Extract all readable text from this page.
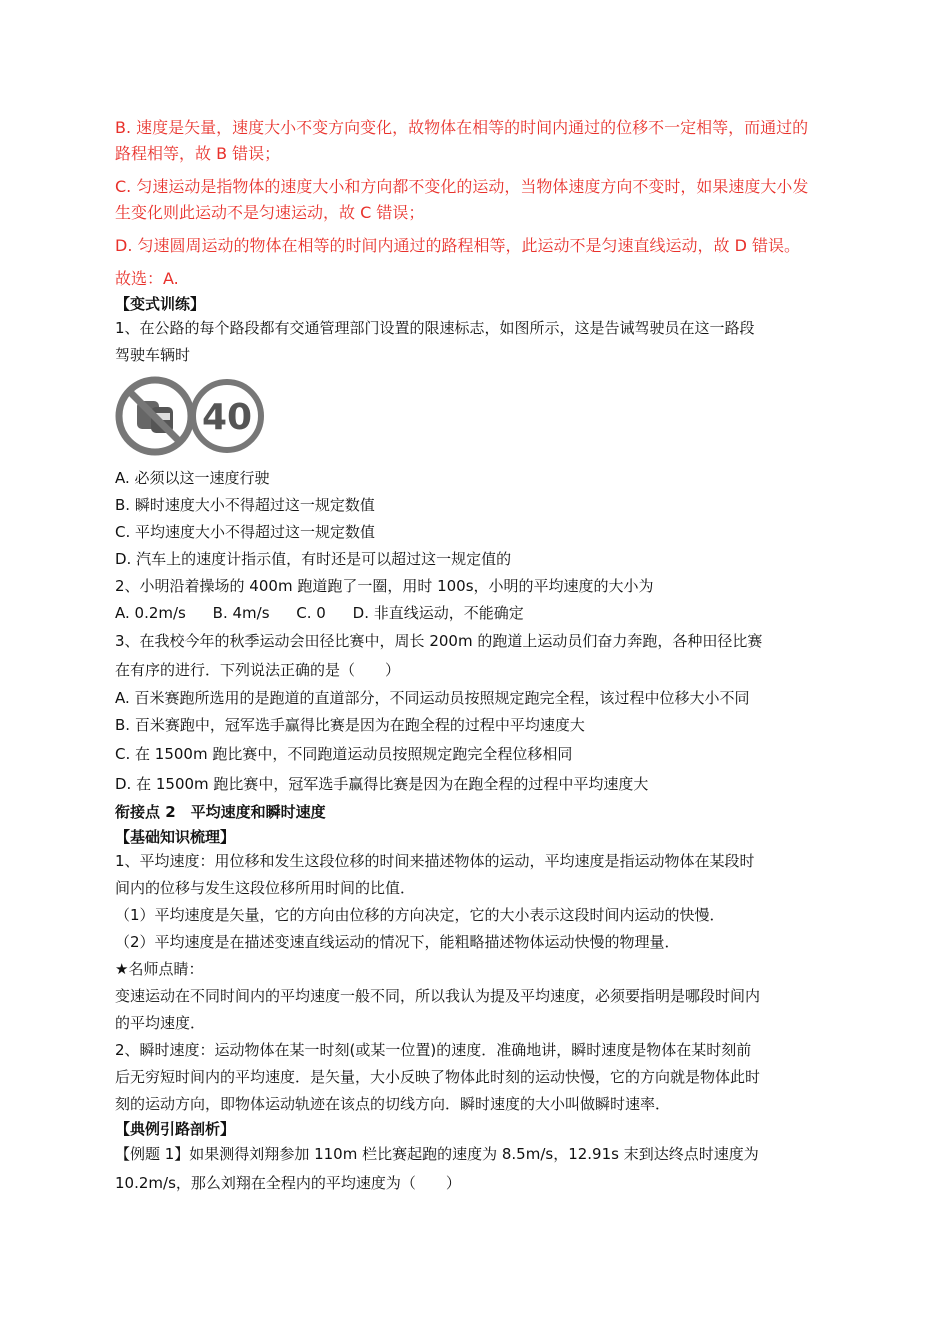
B. 速度是矢量，速度大小不变方向变化，故物体在相等的时间内通过的位移不一定相等，而通过的

路程相等，故 B 错误；

C. 匀速运动是指物体的速度大小和方向都不变化的运动，当物体速度方向不变时，如果速度大小发

生变化则此运动不是匀速运动，故 C 错误；

D. 匀速圆周运动的物体在相等的时间内通过的路程相等，此运动不是匀速直线运动，故 D 错误。

故选：A.

【变式训练】

1、在公路的每个路段都有交通管理部门设置的限速标志，如图所示，这是告诫驾驶员在这一路段

驾驶车辆时

40

A. 必须以这一速度行驶

B. 瞬时速度大小不得超过这一规定数值

C. 平均速度大小不得超过这一规定数值

D. 汽车上的速度计指示值，有时还是可以超过这一规定值的

2、小明沿着操场的 400m 跑道跑了一圈，用时 100s，小明的平均速度的大小为

A. 0.2m/s B. 4m/s C. 0 D. 非直线运动，不能确定

3、在我校今年的秋季运动会田径比赛中，周长 200m 的跑道上运动员们奋力奔跑，各种田径比赛

在有序的进行．下列说法正确的是（　　）

A. 百米赛跑所选用的是跑道的直道部分，不同运动员按照规定跑完全程，该过程中位移大小不同

B. 百米赛跑中，冠军选手赢得比赛是因为在跑全程的过程中平均速度大

C. 在 1500m 跑比赛中，不同跑道运动员按照规定跑完全程位移相同

D. 在 1500m 跑比赛中，冠军选手赢得比赛是因为在跑全程的过程中平均速度大

衔接点 2　平均速度和瞬时速度

【基础知识梳理】

1、平均速度：用位移和发生这段位移的时间来描述物体的运动，平均速度是指运动物体在某段时

间内的位移与发生这段位移所用时间的比值．

（1）平均速度是矢量，它的方向由位移的方向决定，它的大小表示这段时间内运动的快慢．

（2）平均速度是在描述变速直线运动的情况下，能粗略描述物体运动快慢的物理量．

★名师点睛：

变速运动在不同时间内的平均速度一般不同，所以我认为提及平均速度，必须要指明是哪段时间内

的平均速度．

2、瞬时速度：运动物体在某一时刻(或某一位置)的速度．准确地讲，瞬时速度是物体在某时刻前

后无穷短时间内的平均速度．是矢量，大小反映了物体此时刻的运动快慢，它的方向就是物体此时

刻的运动方向，即物体运动轨迹在该点的切线方向．瞬时速度的大小叫做瞬时速率．

【典例引路剖析】

【例题 1】如果测得刘翔参加 110m 栏比赛起跑的速度为 8.5m/s，12.91s 末到达终点时速度为

10.2m/s，那么刘翔在全程内的平均速度为（　　）
